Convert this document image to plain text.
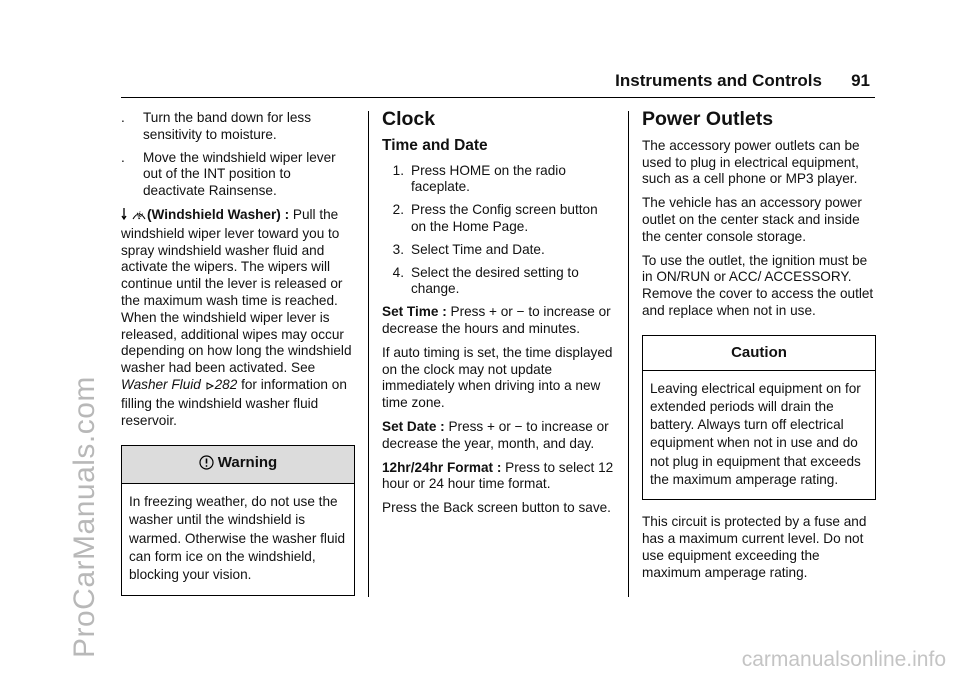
ProCarManuals.com
carmanualsonline.info
Instruments and Controls 91
.	Turn the band down for less sensitivity to moisture.
.	Move the windshield wiper lever out of the INT position to deactivate Rainsense.

(Windshield Washer) : Pull the windshield wiper lever toward you to spray windshield washer fluid and activate the wipers. The wipers will continue until the lever is released or the maximum wash time is reached. When the windshield wiper lever is released, additional wipes may occur depending on how long the windshield washer had been activated. See Washer Fluid 282 for information on filling the windshield washer fluid reservoir.

Warning
In freezing weather, do not use the washer until the windshield is warmed. Otherwise the washer fluid can form ice on the windshield, blocking your vision.
Clock
Time and Date
1. Press HOME on the radio faceplate.
2. Press the Config screen button on the Home Page.
3. Select Time and Date.
4. Select the desired setting to change.

Set Time : Press + or − to increase or decrease the hours and minutes.

If auto timing is set, the time displayed on the clock may not update immediately when driving into a new time zone.

Set Date : Press + or − to increase or decrease the year, month, and day.

12hr/24hr Format : Press to select 12 hour or 24 hour time format.

Press the Back screen button to save.

Power Outlets

The accessory power outlets can be used to plug in electrical equipment, such as a cell phone or MP3 player.

The vehicle has an accessory power outlet on the center stack and inside the center console storage.

To use the outlet, the ignition must be in ON/RUN or ACC/ ACCESSORY. Remove the cover to access the outlet and replace when not in use.

Caution
Leaving electrical equipment on for extended periods will drain the battery. Always turn off electrical equipment when not in use and do not plug in equipment that exceeds the maximum amperage rating.

This circuit is protected by a fuse and has a maximum current level. Do not use equipment exceeding the maximum amperage rating.
